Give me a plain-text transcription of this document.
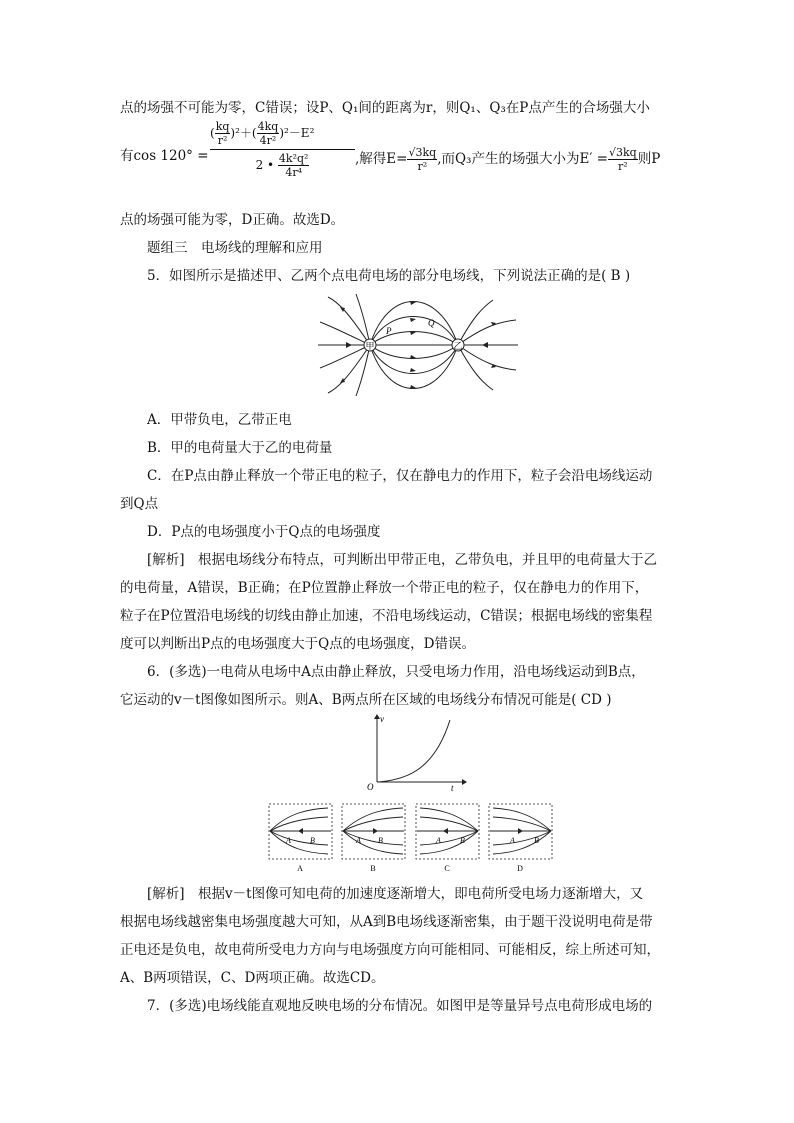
点的场强不可能为零，C错误；设P、Q₁间的距离为r，则Q₁、Q₃在P点产生的合场强大小
有cos 120° =
( $\frac{kq}{\text{r²}} )^2+( \frac{4kq}{\text{4r²}} )^2-E^2$
2 • $\frac{\text{4k²q²}}{\text{4r⁴}}$	,解得$E= \frac{√3kq}{\text{r²}}$ ,而Q₃产生的场强大小为$E' = \frac{√3kq}{\text{r²}}$ 则P
点的场强可能为零，D正确。故选D。
题组三　电场线的理解和应用
5．如图所示是描述甲、乙两个点电荷电场的部分电场线，下列说法正确的是( B )
甲	乙
P
Q
A．甲带负电，乙带正电
B．甲的电荷量大于乙的电荷量
C．在P点由静止释放一个带正电的粒子，仅在静电力的作用下，粒子会沿电场线运动
到Q点
D．P点的电场强度小于Q点的电场强度
[解析]　根据电场线分布特点，可判断出甲带正电，乙带负电，并且甲的电荷量大于乙
的电荷量，A错误，B正确；在P位置静止释放一个带正电的粒子，仅在静电力的作用下，
粒子在P位置沿电场线的切线由静止加速，不沿电场线运动，C错误；根据电场线的密集程
度可以判断出P点的电场强度大于Q点的电场强度，D错误。
6．(多选)一电荷从电场中A点由静止释放，只受电场力作用，沿电场线运动到B点，
它运动的v－t图像如图所示。则A、B两点所在区域的电场线分布情况可能是( CD )
v
t
O
A B	A B	A B	A B
A	B	C	D
[解析]　根据v－t图像可知电荷的加速度逐渐增大，即电荷所受电场力逐渐增大，又
根据电场线越密集电场强度越大可知，从A到B电场线逐渐密集，由于题干没说明电荷是带
正电还是负电，故电荷所受电力方向与电场强度方向可能相同、可能相反，综上所述可知，
A、B两项错误，C、D两项正确。故选CD。
7．(多选)电场线能直观地反映电场的分布情况。如图甲是等量异号点电荷形成电场的
